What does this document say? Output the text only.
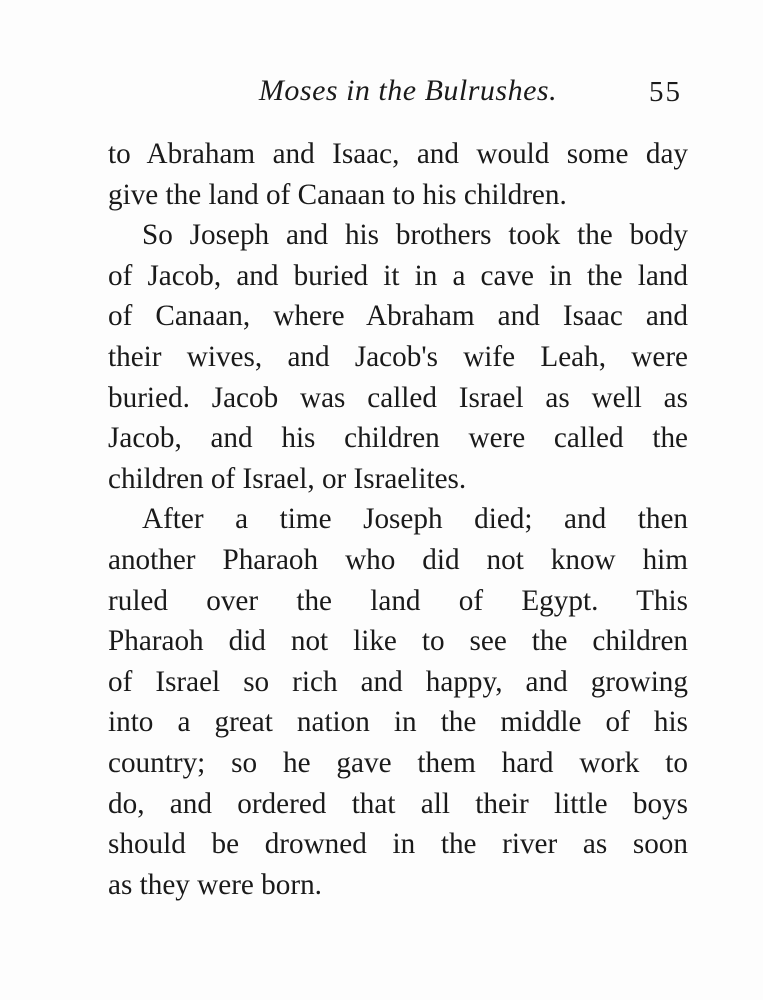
Moses in the Bulrushes.	55

to Abraham and Isaac, and would some day
give the land of Canaan to his children.

So Joseph and his brothers took the body
of Jacob, and buried it in a cave in the land
of Canaan, where Abraham and Isaac and
their wives, and Jacob's wife Leah, were
buried. Jacob was called Israel as well as
Jacob, and his children were called the
children of Israel, or Israelites.

After a time Joseph died; and then
another Pharaoh who did not know him
ruled over the land of Egypt. This
Pharaoh did not like to see the children
of Israel so rich and happy, and growing
into a great nation in the middle of his
country; so he gave them hard work to
do, and ordered that all their little boys
should be drowned in the river as soon
as they were born.
